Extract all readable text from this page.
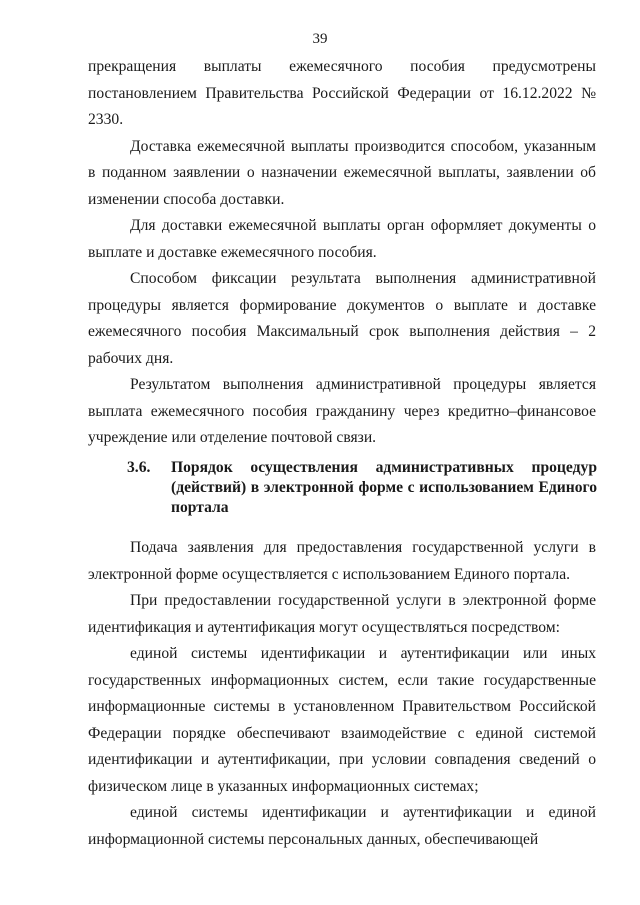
39

прекращения выплаты ежемесячного пособия предусмотрены постановлением Правительства Российской Федерации от 16.12.2022 № 2330.

Доставка ежемесячной выплаты производится способом, указанным в поданном заявлении о назначении ежемесячной выплаты, заявлении об изменении способа доставки.

Для доставки ежемесячной выплаты орган оформляет документы о выплате и доставке ежемесячного пособия.

Способом фиксации результата выполнения административной процедуры является формирование документов о выплате и доставке ежемесячного пособия Максимальный срок выполнения действия – 2 рабочих дня.

Результатом выполнения административной процедуры является выплата ежемесячного пособия гражданину через кредитно–финансовое учреждение или отделение почтовой связи.

3.6. Порядок осуществления административных процедур (действий) в электронной форме с использованием Единого портала

Подача заявления для предоставления государственной услуги в электронной форме осуществляется с использованием Единого портала.

При предоставлении государственной услуги в электронной форме идентификация и аутентификация могут осуществляться посредством:

единой системы идентификации и аутентификации или иных государственных информационных систем, если такие государственные информационные системы в установленном Правительством Российской Федерации порядке обеспечивают взаимодействие с единой системой идентификации и аутентификации, при условии совпадения сведений о физическом лице в указанных информационных системах;

единой системы идентификации и аутентификации и единой информационной системы персональных данных, обеспечивающей
